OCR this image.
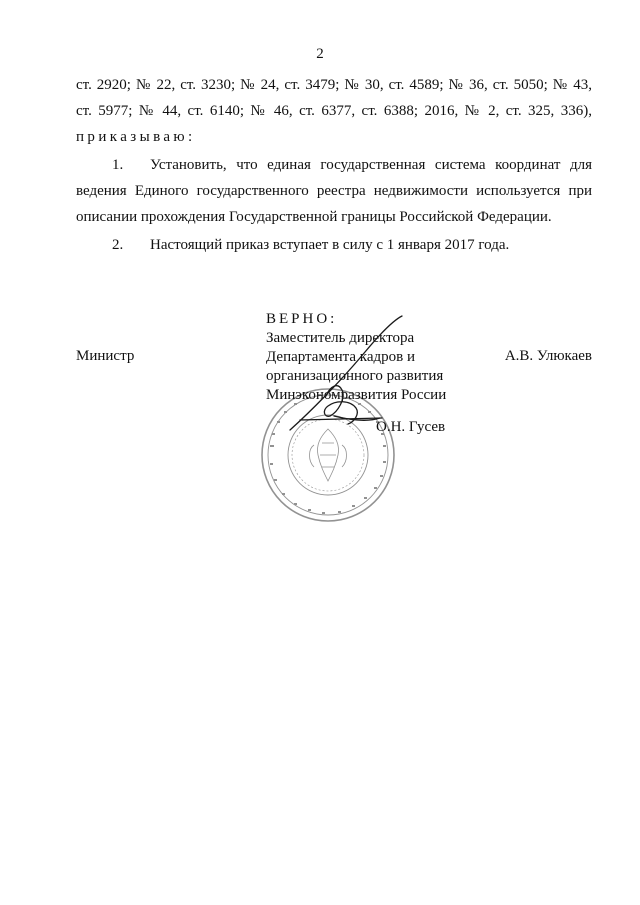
2
ст. 2920; № 22, ст. 3230; № 24, ст. 3479; № 30, ст. 4589; № 36, ст. 5050; № 43,
ст. 5977; № 44, ст. 6140; № 46, ст. 6377, ст. 6388; 2016, № 2, ст. 325, 336),
приказываю:
1.	Установить, что единая государственная система координат для
ведения Единого государственного реестра недвижимости используется при
описании прохождения Государственной границы Российской Федерации.
2.	Настоящий приказ вступает в силу с 1 января 2017 года.
ВЕРНО:
Заместитель директора
Департамента кадров и
организационного развития
Минэкономразвития России
О.Н. Гусев
Министр	А.В. Улюкаев
